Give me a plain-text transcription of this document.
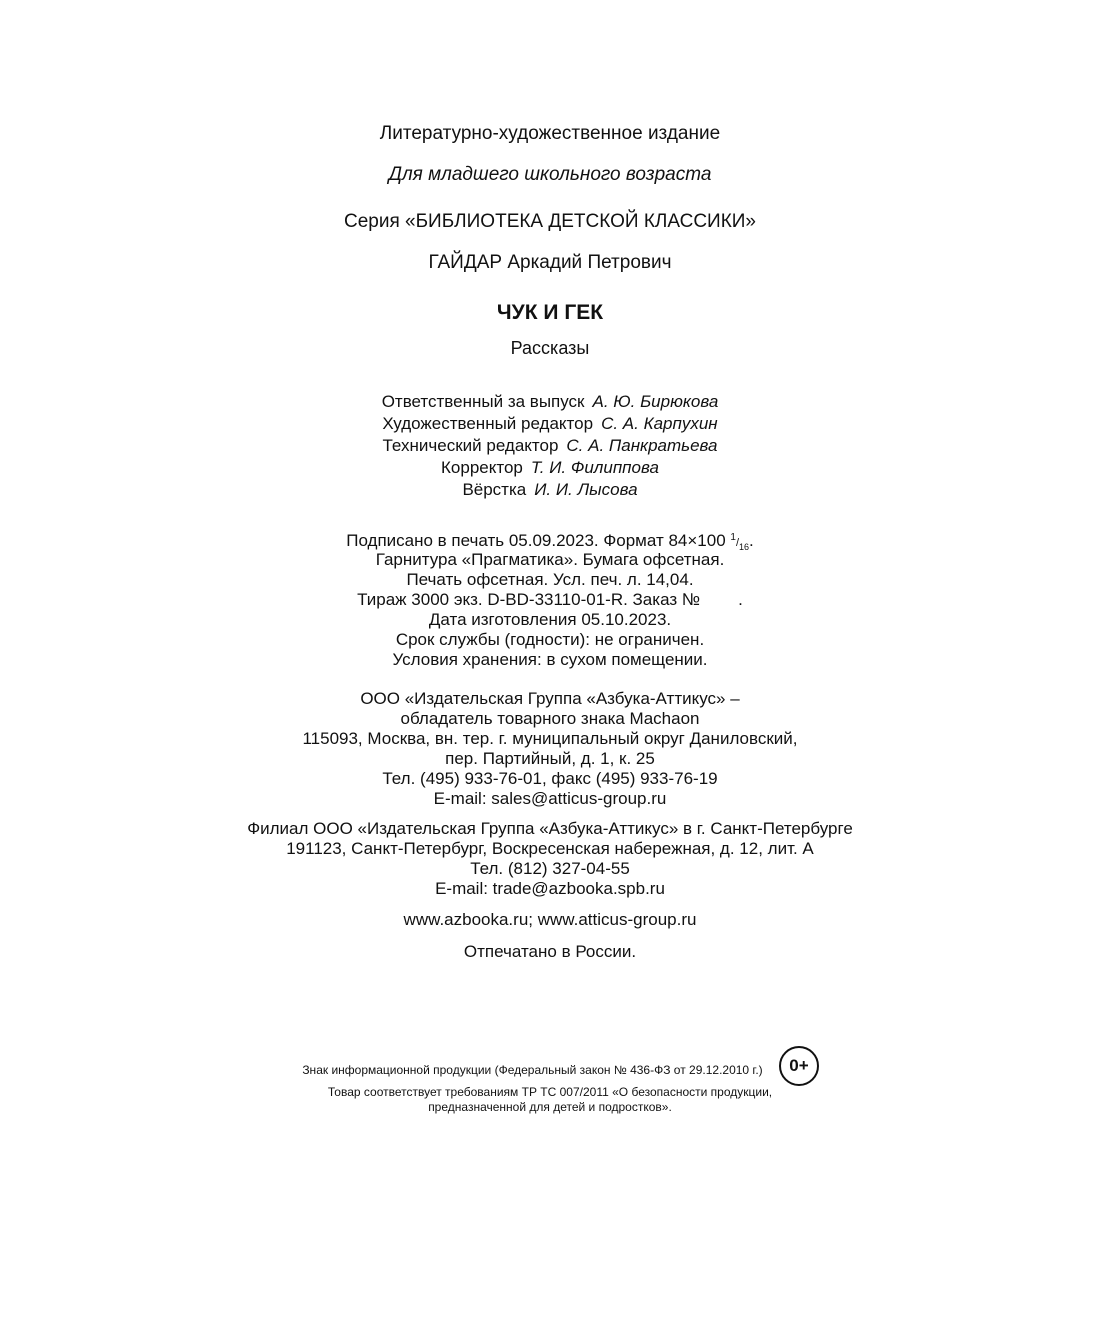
Литературно-художественное издание
Для младшего школьного возраста
Серия «БИБЛИОТЕКА ДЕТСКОЙ КЛАССИКИ»
ГАЙДАР Аркадий Петрович
ЧУК И ГЕК
Рассказы
Ответственный за выпуск А. Ю. Бирюкова
Художественный редактор С. А. Карпухин
Технический редактор С. А. Панкратьева
Корректор Т. И. Филиппова
Вёрстка И. И. Лысова
Подписано в печать 05.09.2023. Формат 84×100 $^1/_{16}$.
Гарнитура «Прагматика». Бумага офсетная.
Печать офсетная. Усл. печ. л. 14,04.
Тираж 3000 экз. D-BD-33110-01-R. Заказ № .
Дата изготовления 05.10.2023.
Срок службы (годности): не ограничен.
Условия хранения: в сухом помещении.
ООО «Издательская Группа «Азбука-Аттикус» –
обладатель товарного знака Machaon
115093, Москва, вн. тер. г. муниципальный округ Даниловский,
пер. Партийный, д. 1, к. 25
Тел. (495) 933-76-01, факс (495) 933-76-19
E-mail: sales@atticus-group.ru
Филиал ООО «Издательская Группа «Азбука-Аттикус» в г. Санкт-Петербурге
191123, Санкт-Петербург, Воскресенская набережная, д. 12, лит. А
Тел. (812) 327-04-55
E-mail: trade@azbooka.spb.ru
www.azbooka.ru; www.atticus-group.ru
Отпечатано в России.
Знак информационной продукции (Федеральный закон № 436-ФЗ от 29.12.2010 г.)	0+
Товар соответствует требованиям ТР ТС 007/2011 «О безопасности продукции,
предназначенной для детей и подростков».
